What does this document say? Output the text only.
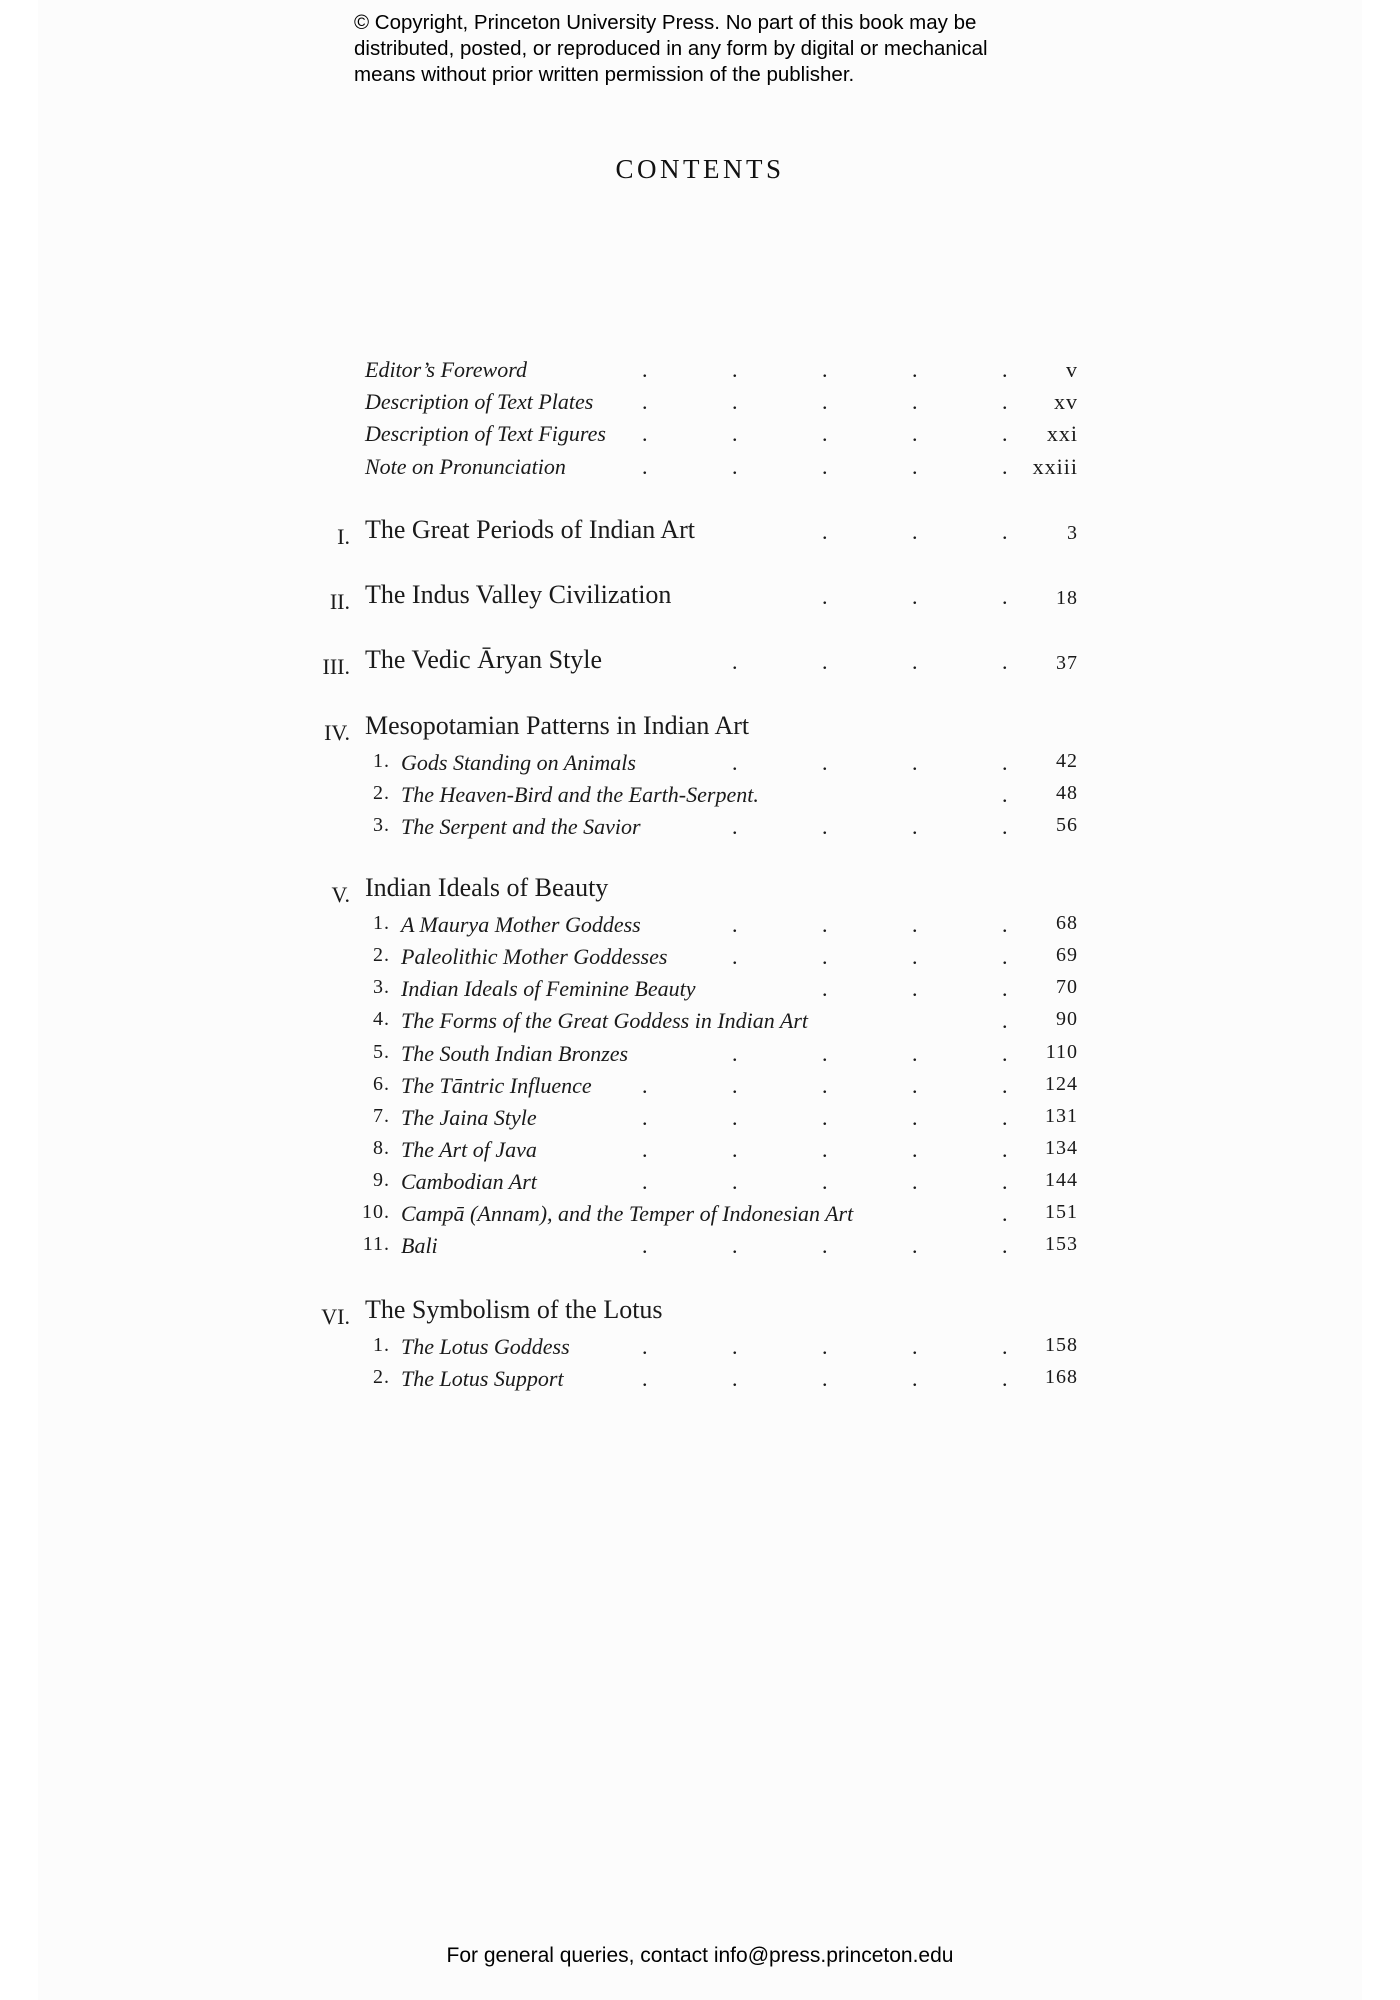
© Copyright, Princeton University Press. No part of this book may be
distributed, posted, or reproduced in any form by digital or mechanical
means without prior written permission of the publisher.
CONTENTS
Editor’s Foreword	v
.	.	.	.	.
Description of Text Plates	xv
.	.	.	.	.
Description of Text Figures	xxi
.	.	.	.	.
Note on Pronunciation	xxiii
.	.	.	.	.
I. The Great Periods of Indian Art	3
.	.	.
II. The Indus Valley Civilization	18
.	.	.
III. The Vedic Āryan Style	37
.	.	.	.
IV. Mesopotamian Patterns in Indian Art
1. Gods Standing on Animals	42
.	.	.	.
2. The Heaven-Bird and the Earth-Serpent.	48
.
3. The Serpent and the Savior	56
.	.	.	.
V. Indian Ideals of Beauty
1. A Maurya Mother Goddess	68
.	.	.	.
2. Paleolithic Mother Goddesses	69
.	.	.	.
3. Indian Ideals of Feminine Beauty	70
.	.	.
4. The Forms of the Great Goddess in Indian Art	90
.
5. The South Indian Bronzes	110
.	.	.	.
6. The Tāntric Influence	124
.	.	.	.	.
7. The Jaina Style	131
.	.	.	.	.
8. The Art of Java	134
.	.	.	.	.
9. Cambodian Art	144
.	.	.	.	.
10. Campā (Annam), and the Temper of Indonesian Art	151
.
11. Bali	153
.	.	.	.	.
VI. The Symbolism of the Lotus
1. The Lotus Goddess	158
.	.	.	.	.
2. The Lotus Support	168
.	.	.	.	.
For general queries, contact info@press.princeton.edu
